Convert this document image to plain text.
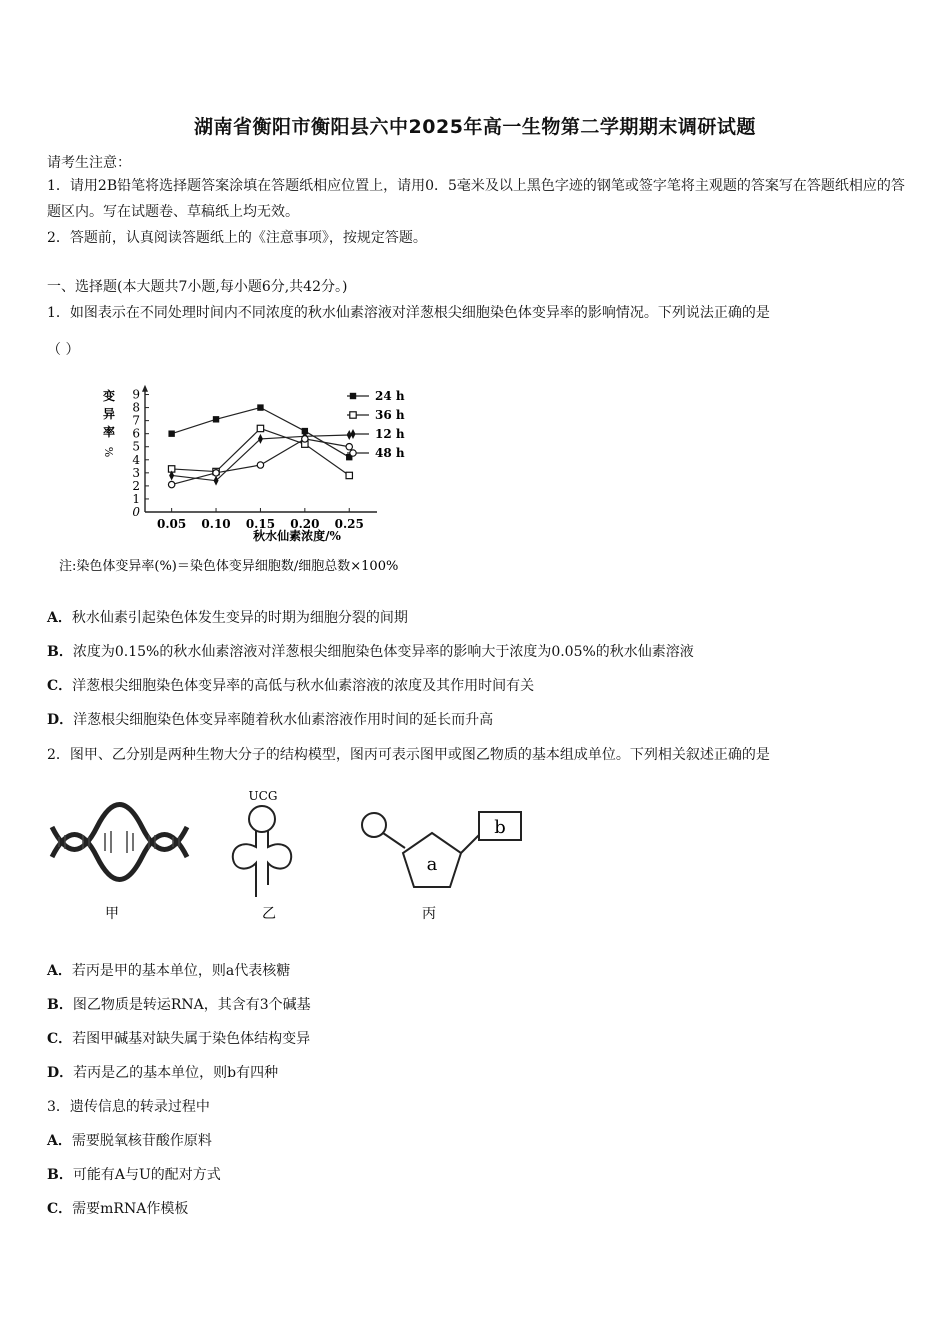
湖南省衡阳市衡阳县六中2025年高一生物第二学期期末调研试题
请考生注意：
1．请用2B铅笔将选择题答案涂填在答题纸相应位置上，请用0．5毫米及以上黑色字迹的钢笔或签字笔将主观题的答案写在答题纸相应的答题区内。写在试题卷、草稿纸上均无效。
2．答题前，认真阅读答题纸上的《注意事项》，按规定答题。
一、选择题(本大题共7小题,每小题6分,共42分。)
1．如图表示在不同处理时间内不同浓度的秋水仙素溶液对洋葱根尖细胞染色体变异率的影响情况。下列说法正确的是
（ ）
0
1
2
3
4
5
6
7
8
9
0.05 0.10 0.15 0.20 0.25
变
异
率
%
24 h
36 h
12 h
48 h
秋水仙素浓度/%
注:染色体变异率(%)＝染色体变异细胞数/细胞总数×100%
A．秋水仙素引起染色体发生变异的时期为细胞分裂的间期
B．浓度为0.15%的秋水仙素溶液对洋葱根尖细胞染色体变异率的影响大于浓度为0.05%的秋水仙素溶液
C．洋葱根尖细胞染色体变异率的高低与秋水仙素溶液的浓度及其作用时间有关
D．洋葱根尖细胞染色体变异率随着秋水仙素溶液作用时间的延长而升高
2．图甲、乙分别是两种生物大分子的结构模型，图丙可表示图甲或图乙物质的基本组成单位。下列相关叙述正确的是
甲
UCG
乙
a
b
丙
A．若丙是甲的基本单位，则a代表核糖
B．图乙物质是转运RNA，其含有3个碱基
C．若图甲碱基对缺失属于染色体结构变异
D．若丙是乙的基本单位，则b有四种
3．遗传信息的转录过程中
A．需要脱氧核苷酸作原料
B．可能有A与U的配对方式
C．需要mRNA作模板
